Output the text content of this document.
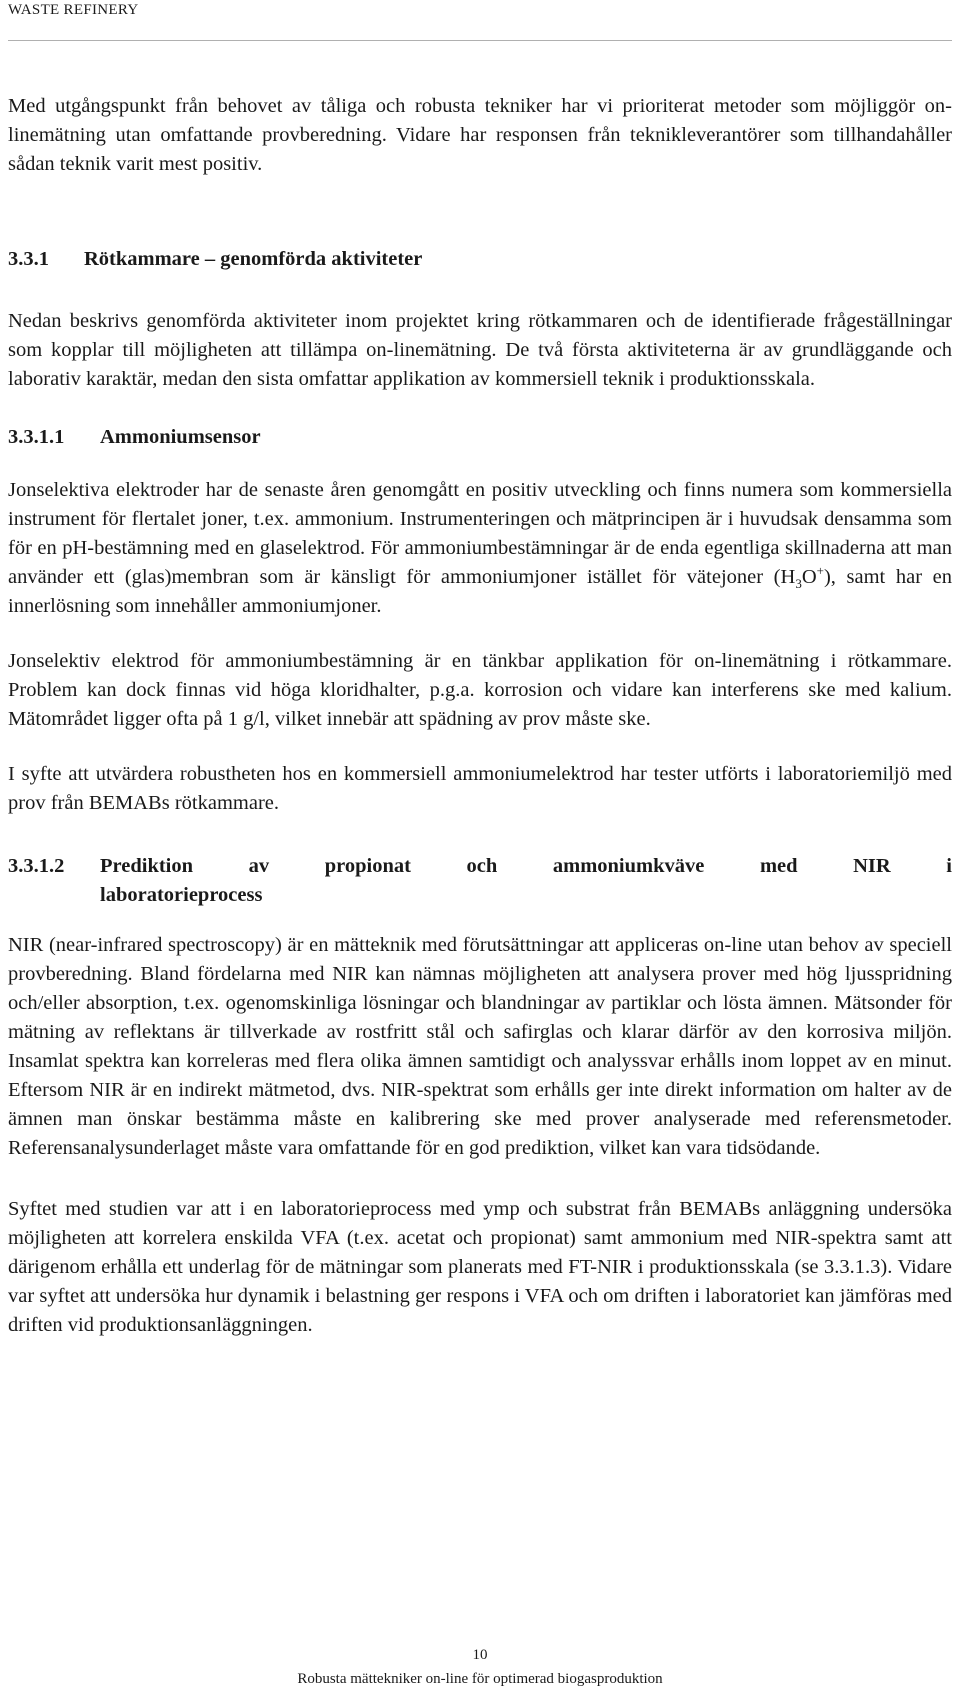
WASTE REFINERY

Med utgångspunkt från behovet av tåliga och robusta tekniker har vi prioriterat metoder som möjliggör on-linemätning utan omfattande provberedning. Vidare har responsen från teknikleverantörer som tillhandahåller sådan teknik varit mest positiv.

3.3.1	Rötkammare – genomförda aktiviteter

Nedan beskrivs genomförda aktiviteter inom projektet kring rötkammaren och de identifierade frågeställningar som kopplar till möjligheten att tillämpa on-linemätning. De två första aktiviteterna är av grundläggande och laborativ karaktär, medan den sista omfattar applikation av kommersiell teknik i produktionsskala.

3.3.1.1	Ammoniumsensor

Jonselektiva elektroder har de senaste åren genomgått en positiv utveckling och finns numera som kommersiella instrument för flertalet joner, t.ex. ammonium. Instrumenteringen och mätprincipen är i huvudsak densamma som för en pH-bestämning med en glaselektrod. För ammoniumbestämningar är de enda egentliga skillnaderna att man använder ett (glas)membran som är känsligt för ammoniumjoner istället för vätejoner $(H_3O^+)$, samt har en innerlösning som innehåller ammoniumjoner.

Jonselektiv elektrod för ammoniumbestämning är en tänkbar applikation för on-linemätning i rötkammare. Problem kan dock finnas vid höga kloridhalter, p.g.a. korrosion och vidare kan interferens ske med kalium. Mätområdet ligger ofta på 1 g/l, vilket innebär att spädning av prov måste ske.

I syfte att utvärdera robustheten hos en kommersiell ammoniumelektrod har tester utförts i laboratoriemiljö med prov från BEMABs rötkammare.

3.3.1.2	Prediktion av propionat och ammoniumkväve med NIR i
laboratorieprocess

NIR (near-infrared spectroscopy) är en mätteknik med förutsättningar att appliceras on-line utan behov av speciell provberedning. Bland fördelarna med NIR kan nämnas möjligheten att analysera prover med hög ljusspridning och/eller absorption, t.ex. ogenomskinliga lösningar och blandningar av partiklar och lösta ämnen. Mätsonder för mätning av reflektans är tillverkade av rostfritt stål och safirglas och klarar därför av den korrosiva miljön. Insamlat spektra kan korreleras med flera olika ämnen samtidigt och analyssvar erhålls inom loppet av en minut. Eftersom NIR är en indirekt mätmetod, dvs. NIR-spektrat som erhålls ger inte direkt information om halter av de ämnen man önskar bestämma måste en kalibrering ske med prover analyserade med referensmetoder. Referensanalysunderlaget måste vara omfattande för en god prediktion, vilket kan vara tidsödande.

Syftet med studien var att i en laboratorieprocess med ymp och substrat från BEMABs anläggning undersöka möjligheten att korrelera enskilda VFA (t.ex. acetat och propionat) samt ammonium med NIR-spektra samt att därigenom erhålla ett underlag för de mätningar som planerats med FT-NIR i produktionsskala (se 3.3.1.3). Vidare var syftet att undersöka hur dynamik i belastning ger respons i VFA och om driften i laboratoriet kan jämföras med driften vid produktionsanläggningen.

10
Robusta mättekniker on-line för optimerad biogasproduktion
